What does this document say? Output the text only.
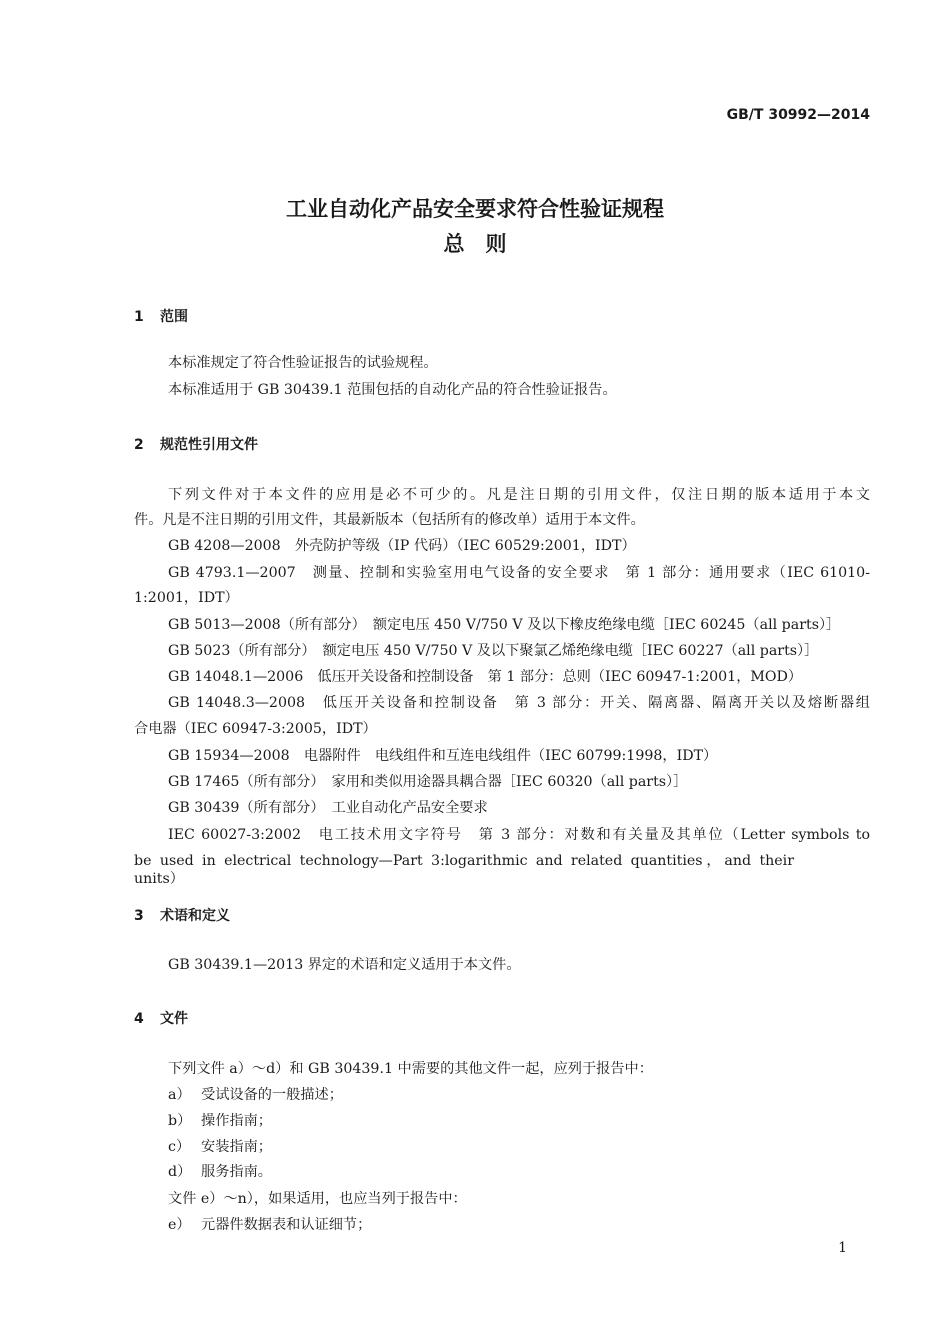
GB/T 30992—2014
工业自动化产品安全要求符合性验证规程
总　则
1 范围
本标准规定了符合性验证报告的试验规程。
本标准适用于 GB 30439.1 范围包括的自动化产品的符合性验证报告。
2 规范性引用文件
下列文件对于本文件的应用是必不可少的。凡是注日期的引用文件，仅注日期的版本适用于本文
件。凡是不注日期的引用文件，其最新版本（包括所有的修改单）适用于本文件。
GB 4208—2008　外壳防护等级（IP 代码）（IEC 60529:2001，IDT）
GB 4793.1—2007　测量、控制和实验室用电气设备的安全要求　第 1 部分：通用要求（IEC 61010-
1:2001，IDT）
GB 5013—2008（所有部分）　额定电压 450 V/750 V 及以下橡皮绝缘电缆［IEC 60245（all parts）］
GB 5023（所有部分）　额定电压 450 V/750 V 及以下聚氯乙烯绝缘电缆［IEC 60227（all parts）］
GB 14048.1—2006　低压开关设备和控制设备　第 1 部分：总则（IEC 60947-1:2001，MOD）
GB 14048.3—2008　低压开关设备和控制设备　第 3 部分：开关、隔离器、隔离开关以及熔断器组
合电器（IEC 60947-3:2005，IDT）
GB 15934—2008　电器附件　电线组件和互连电线组件（IEC 60799:1998，IDT）
GB 17465（所有部分）　家用和类似用途器具耦合器［IEC 60320（all parts）］
GB 30439（所有部分）　工业自动化产品安全要求
IEC 60027-3:2002　电工技术用文字符号　第 3 部分：对数和有关量及其单位（Letter symbols to
be used in electrical technology—Part 3:logarithmic and related quantities，and their units）
3 术语和定义
GB 30439.1—2013 界定的术语和定义适用于本文件。
4 文件
下列文件 a）～d）和 GB 30439.1 中需要的其他文件一起，应列于报告中：
a） 受试设备的一般描述；
b） 操作指南；
c） 安装指南；
d） 服务指南。
文件 e）～n），如果适用，也应当列于报告中：
e） 元器件数据表和认证细节；
1
